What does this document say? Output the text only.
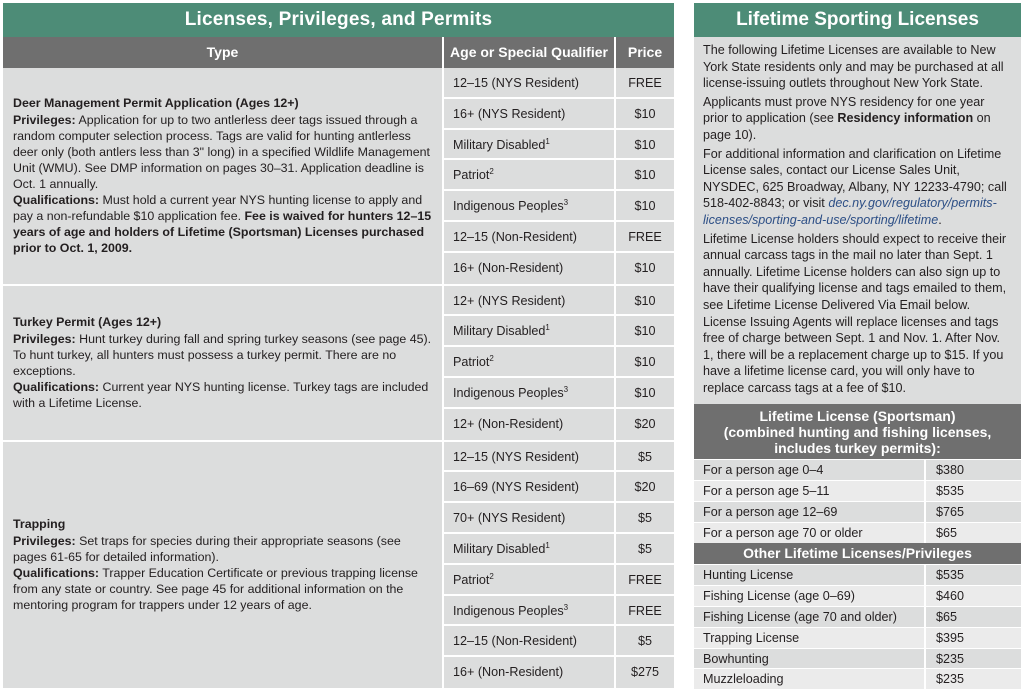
Licenses, Privileges, and Permits
Type	Age or Special Qualifier	Price

Deer Management Permit Application (Ages 12+)

Privileges: Application for up to two antlerless deer tags issued through a random computer selection process. Tags are valid for hunting antlerless deer only (both antlers less than 3" long) in a specified Wildlife Management Unit (WMU). See DMP information on pages 30–31. Application deadline is Oct. 1 annually.

Qualifications: Must hold a current year NYS hunting license to apply and pay a non-refundable $10 application fee. Fee is waived for hunters 12–15 years of age and holders of Lifetime (Sportsman) Licenses purchased prior to Oct. 1, 2009.

12–15 (NYS Resident)	FREE
16+ (NYS Resident)	$10
Military Disabled$^1$	$10
Patriot$^2$	$10
Indigenous Peoples$^3$	$10
12–15 (Non-Resident)	FREE
16+ (Non-Resident)	$10

Turkey Permit (Ages 12+)

Privileges: Hunt turkey during fall and spring turkey seasons (see page 45). To hunt turkey, all hunters must possess a turkey permit. There are no exceptions.

Qualifications: Current year NYS hunting license. Turkey tags are included with a Lifetime License.

12+ (NYS Resident)	$10
Military Disabled$^1$	$10
Patriot$^2$	$10
Indigenous Peoples$^3$	$10
12+ (Non-Resident)	$20

Trapping

Privileges: Set traps for species during their appropriate seasons (see pages 61-65 for detailed information).

Qualifications: Trapper Education Certificate or previous trapping license from any state or country. See page 45 for additional information on the mentoring program for trappers under 12 years of age.

12–15 (NYS Resident)	$5
16–69 (NYS Resident)	$20
70+ (NYS Resident)	$5
Military Disabled$^1$	$5
Patriot$^2$	FREE
Indigenous Peoples$^3$	FREE
12–15 (Non-Resident)	$5
16+ (Non-Resident)	$275
Lifetime Sporting Licenses

The following Lifetime Licenses are available to New York State residents only and may be purchased at all license-issuing outlets throughout New York State.

Applicants must prove NYS residency for one year prior to application (see Residency information on page 10).

For additional information and clarification on Lifetime License sales, contact our License Sales Unit, NYSDEC, 625 Broadway, Albany, NY 12233-4790; call 518-402-8843; or visit dec.ny.gov/regulatory/permits-licenses/sporting-and-use/sporting/lifetime.

Lifetime License holders should expect to receive their annual carcass tags in the mail no later than Sept. 1 annually. Lifetime License holders can also sign up to have their qualifying license and tags emailed to them, see Lifetime License Delivered Via Email below. License Issuing Agents will replace licenses and tags free of charge between Sept. 1 and Nov. 1. After Nov. 1, there will be a replacement charge up to $15. If you have a lifetime license card, you will only have to replace carcass tags at a fee of $10.

Lifetime License (Sportsman)
(combined hunting and fishing licenses, includes turkey permits):
For a person age 0–4	$380
For a person age 5–11	$535
For a person age 12–69	$765
For a person age 70 or older	$65
Other Lifetime Licenses/Privileges
Hunting License	$535
Fishing License (age 0–69)	$460
Fishing License (age 70 and older)	$65
Trapping License	$395
Bowhunting	$235
Muzzleloading	$235
